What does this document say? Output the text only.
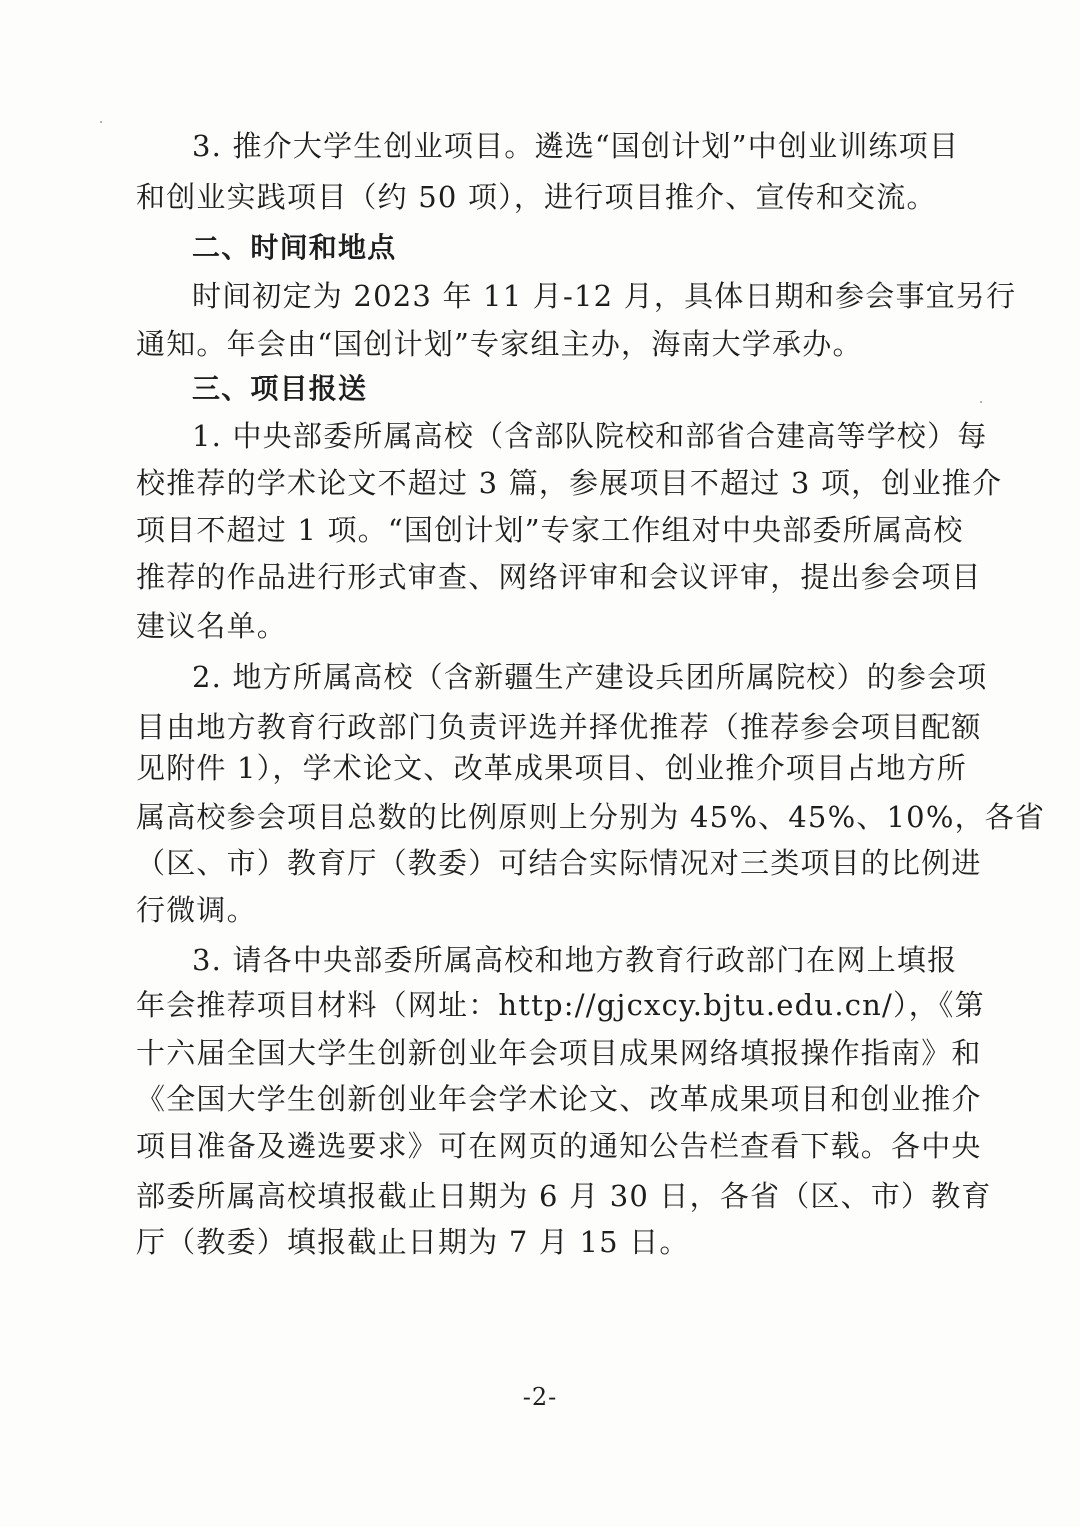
3. 推介大学生创业项目。遴选“国创计划”中创业训练项目
和创业实践项目（约 50 项），进行项目推介、宣传和交流。
二、时间和地点
时间初定为 2023 年 11 月-12 月，具体日期和参会事宜另行
通知。年会由“国创计划”专家组主办，海南大学承办。
三、项目报送
1. 中央部委所属高校（含部队院校和部省合建高等学校）每
校推荐的学术论文不超过 3 篇，参展项目不超过 3 项，创业推介
项目不超过 1 项。“国创计划”专家工作组对中央部委所属高校
推荐的作品进行形式审查、网络评审和会议评审，提出参会项目
建议名单。
2. 地方所属高校（含新疆生产建设兵团所属院校）的参会项
目由地方教育行政部门负责评选并择优推荐（推荐参会项目配额
见附件 1），学术论文、改革成果项目、创业推介项目占地方所
属高校参会项目总数的比例原则上分别为 45%、45%、10%，各省
（区、市）教育厅（教委）可结合实际情况对三类项目的比例进
行微调。
3. 请各中央部委所属高校和地方教育行政部门在网上填报
年会推荐项目材料（网址：http://gjcxcy.bjtu.edu.cn/），《第
十六届全国大学生创新创业年会项目成果网络填报操作指南》和
《全国大学生创新创业年会学术论文、改革成果项目和创业推介
项目准备及遴选要求》可在网页的通知公告栏查看下载。各中央
部委所属高校填报截止日期为 6 月 30 日，各省（区、市）教育
厅（教委）填报截止日期为 7 月 15 日。
-2-
